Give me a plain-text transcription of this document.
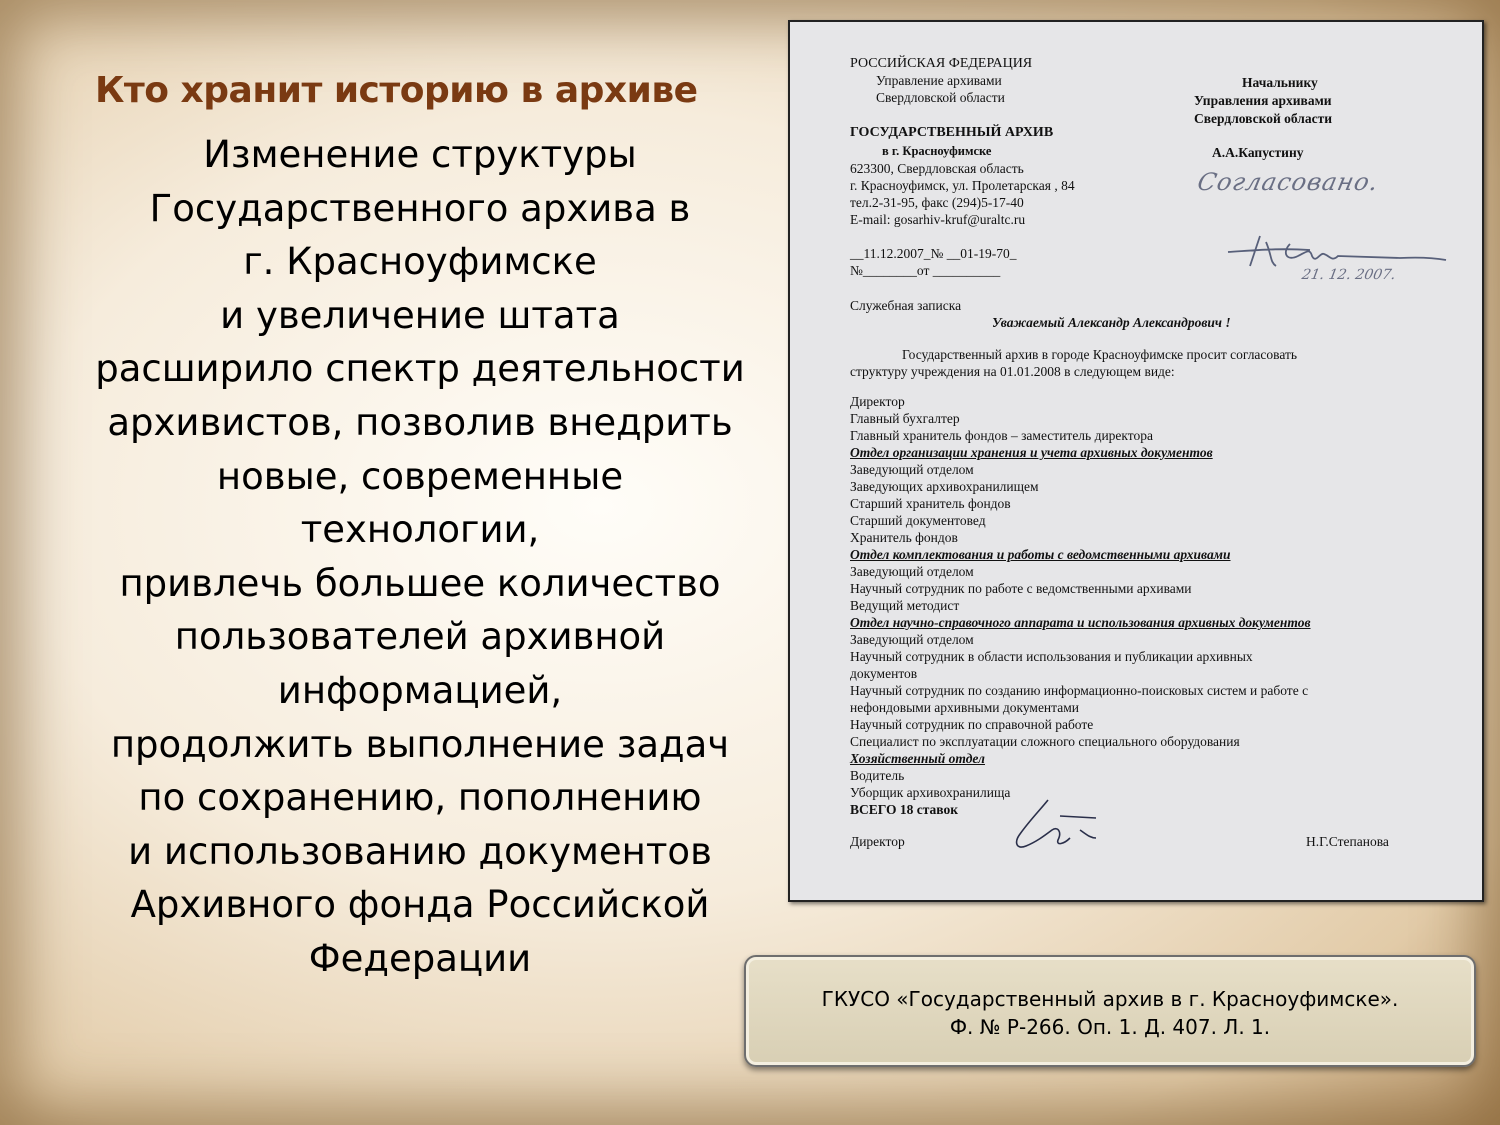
Кто хранит историю в архиве
Изменение структуры
Государственного архива в
г. Красноуфимске
и увеличение штата
расширило спектр деятельности
архивистов, позволив внедрить
новые, современные
технологии,
привлечь большее количество
пользователей архивной
информацией,
продолжить выполнение задач
по сохранению, пополнению
и использованию документов
Архивного фонда Российской
Федерации
РОССИЙСКАЯ ФЕДЕРАЦИЯ
Управление архивами
Свердловской области
ГОСУДАРСТВЕННЫЙ АРХИВ
в г. Красноуфимске
623300, Свердловская область
г. Красноуфимск, ул. Пролетарская , 84
тел.2-31-95, факс (294)5-17-40
E-mail: gosarhiv-kruf@uraltc.ru
__11.12.2007_№ __01-19-70_
№________от __________
Начальнику
Управления архивами
Свердловской области
А.А.Капустину
Согласовано.
21. 12. 2007.
Служебная записка
Уважаемый Александр Александрович !
Государственный архив в городе Красноуфимске просит согласовать
структуру учреждения на 01.01.2008 в следующем виде:
Директор
Главный бухгалтер
Главный хранитель фондов – заместитель директора
Отдел организации хранения и учета архивных документов
Заведующий отделом
Заведующих архивохранилищем
Старший хранитель фондов
Старший документовед
Хранитель фондов
Отдел комплектования и работы с ведомственными архивами
Заведующий отделом
Научный сотрудник по работе с ведомственными архивами
Ведущий методист
Отдел научно-справочного аппарата и использования архивных документов
Заведующий отделом
Научный сотрудник в области использования и публикации архивных
документов
Научный сотрудник по созданию информационно-поисковых систем и работе с
нефондовыми архивными документами
Научный сотрудник по справочной работе
Специалист по эксплуатации сложного специального оборудования
Хозяйственный отдел
Водитель
Уборщик архивохранилища
ВСЕГО 18 ставок
Директор	Н.Г.Степанова
ГКУСО «Государственный архив в г. Красноуфимске».
Ф. № Р-266. Оп. 1. Д. 407. Л. 1.
